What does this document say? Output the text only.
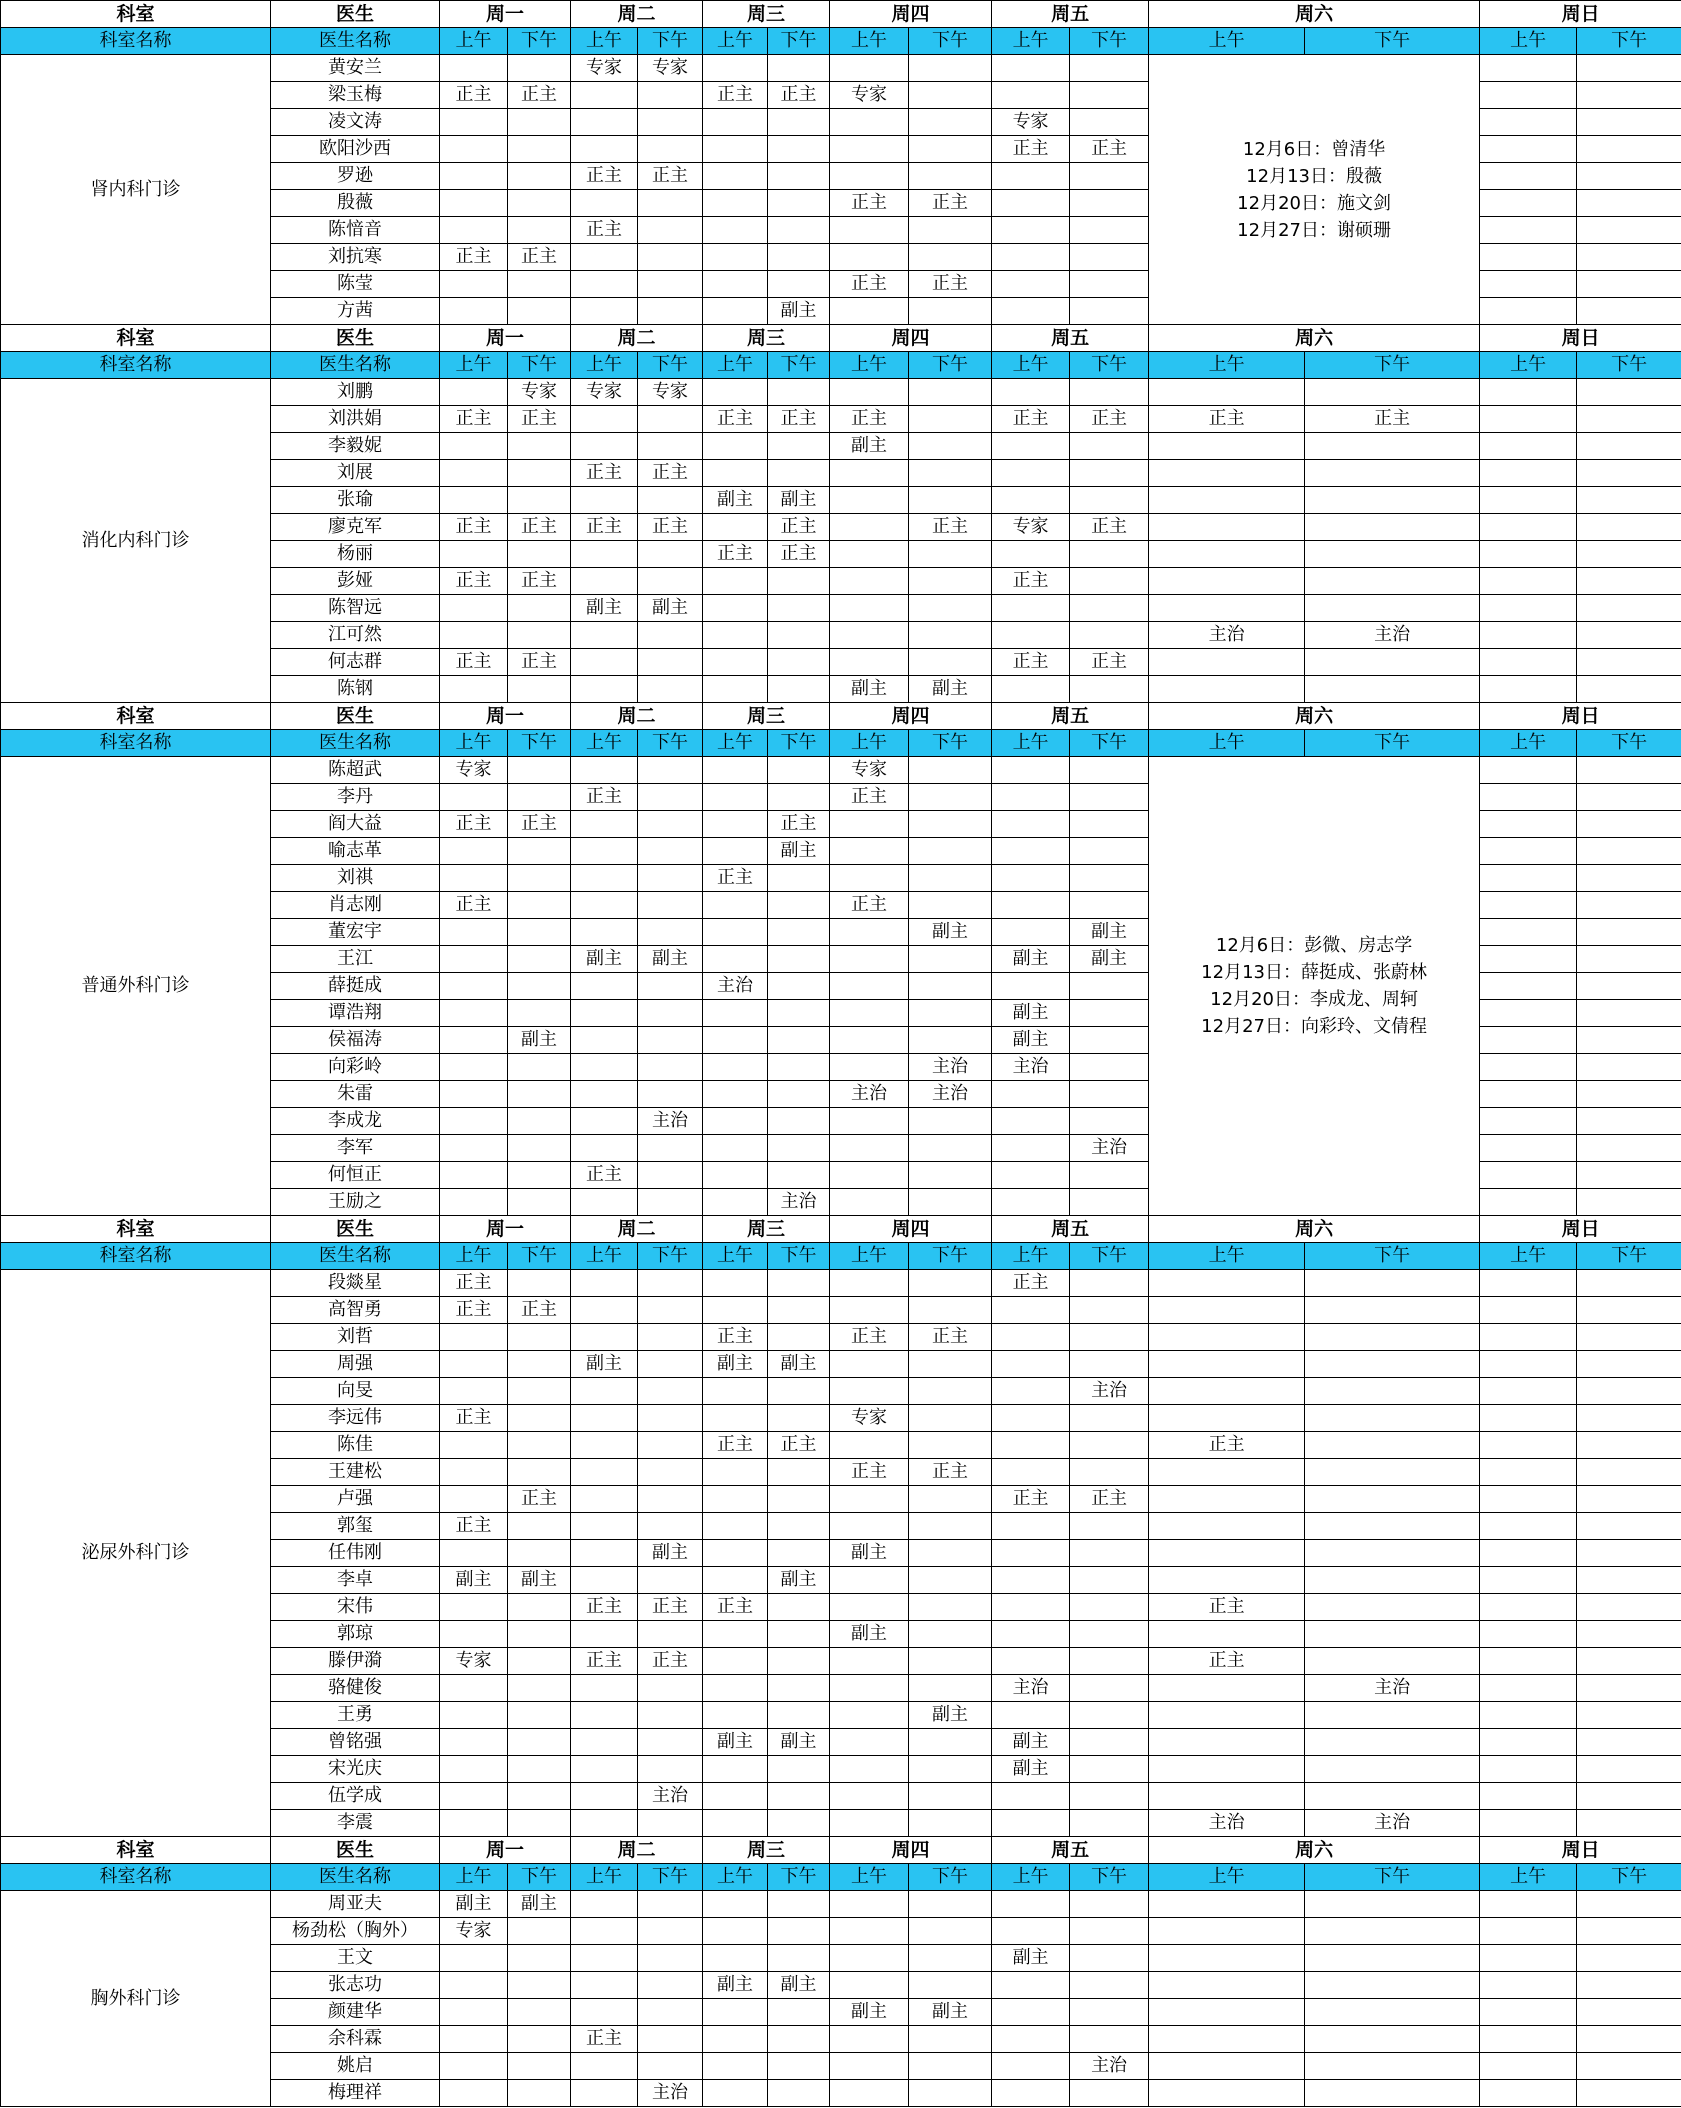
科室	医生	周一		周二		周三		周四		周五		周六		周日	
科室名称	医生名称	上午	下午	上午	下午	上午	下午	上午	下午	上午	下午	上午	下午	上午	下午
肾内科门诊	黄安兰			专家	专家							12月6日：曾清华
12月13日：殷薇
12月20日：施文剑
12月27日：谢硕珊			

	梁玉梅	正主	正主			正主	正主	专家							
	凌文涛									专家					
	欧阳沙西									正主	正主				
	罗逊			正主	正主										
	殷薇							正主	正主						
	陈愔音			正主											
	刘抗寒	正主	正主												
	陈莹							正主	正主						
	方茜						副主								
科室	医生	周一		周二		周三		周四		周五		周六		周日	
科室名称	医生名称	上午	下午	上午	下午	上午	下午	上午	下午	上午	下午	上午	下午	上午	下午
消化内科门诊	刘鹏		专家	专家	专家										
	刘洪娟	正主	正主			正主	正主	正主		正主	正主	正主	正主		
	李毅妮							副主							
	刘展			正主	正主										
	张瑜					副主	副主								
	廖克军	正主	正主	正主	正主		正主		正主	专家	正主				
	杨丽					正主	正主								
	彭娅	正主	正主							正主					
	陈智远			副主	副主										
	江可然											主治	主治		
	何志群	正主	正主							正主	正主				
	陈钢							副主	副主						
科室	医生	周一		周二		周三		周四		周五		周六		周日	
科室名称	医生名称	上午	下午	上午	下午	上午	下午	上午	下午	上午	下午	上午	下午	上午	下午
普通外科门诊	陈超武	专家						专家				12月6日：彭微、房志学
12月13日：薛挺成、张蔚林
12月20日：李成龙、周轲
12月27日：向彩玲、文倩程			

	李丹			正主				正主							
	阎大益	正主	正主				正主								
	喻志革						副主								
	刘祺					正主									
	肖志刚	正主						正主							
	董宏宇								副主		副主				
	王江			副主	副主					副主	副主				
	薛挺成					主治									
	谭浩翔									副主					
	侯福涛		副主							副主					
	向彩岭								主治	主治					
	朱雷							主治	主治						
	李成龙				主治										
	李军										主治				
	何恒正			正主											
	王励之						主治								
科室	医生	周一		周二		周三		周四		周五		周六		周日	
科室名称	医生名称	上午	下午	上午	下午	上午	下午	上午	下午	上午	下午	上午	下午	上午	下午
泌尿外科门诊	段燚星	正主								正主					
	高智勇	正主	正主												
	刘哲					正主		正主	正主						
	周强			副主		副主	副主								
	向旻										主治				
	李远伟	正主						专家							
	陈佳					正主	正主					正主			
	王建松							正主	正主						
	卢强		正主							正主	正主				
	郭玺	正主													
	任伟刚				副主			副主							
	李卓	副主	副主				副主								
	宋伟			正主	正主	正主						正主			
	郭琼							副主							
	滕伊漪	专家		正主	正主							正主			
	骆健俊									主治			主治		
	王勇								副主						
	曾铭强					副主	副主			副主					
	宋光庆									副主					
	伍学成				主治										
	李震											主治	主治		
科室	医生	周一		周二		周三		周四		周五		周六		周日	
科室名称	医生名称	上午	下午	上午	下午	上午	下午	上午	下午	上午	下午	上午	下午	上午	下午
胸外科门诊	周亚夫	副主	副主												
	杨劲松（胸外）	专家													
	王文									副主					
	张志功					副主	副主								
	颜建华							副主	副主						
	余科霖			正主											
	姚启										主治				
	梅理祥				主治										
